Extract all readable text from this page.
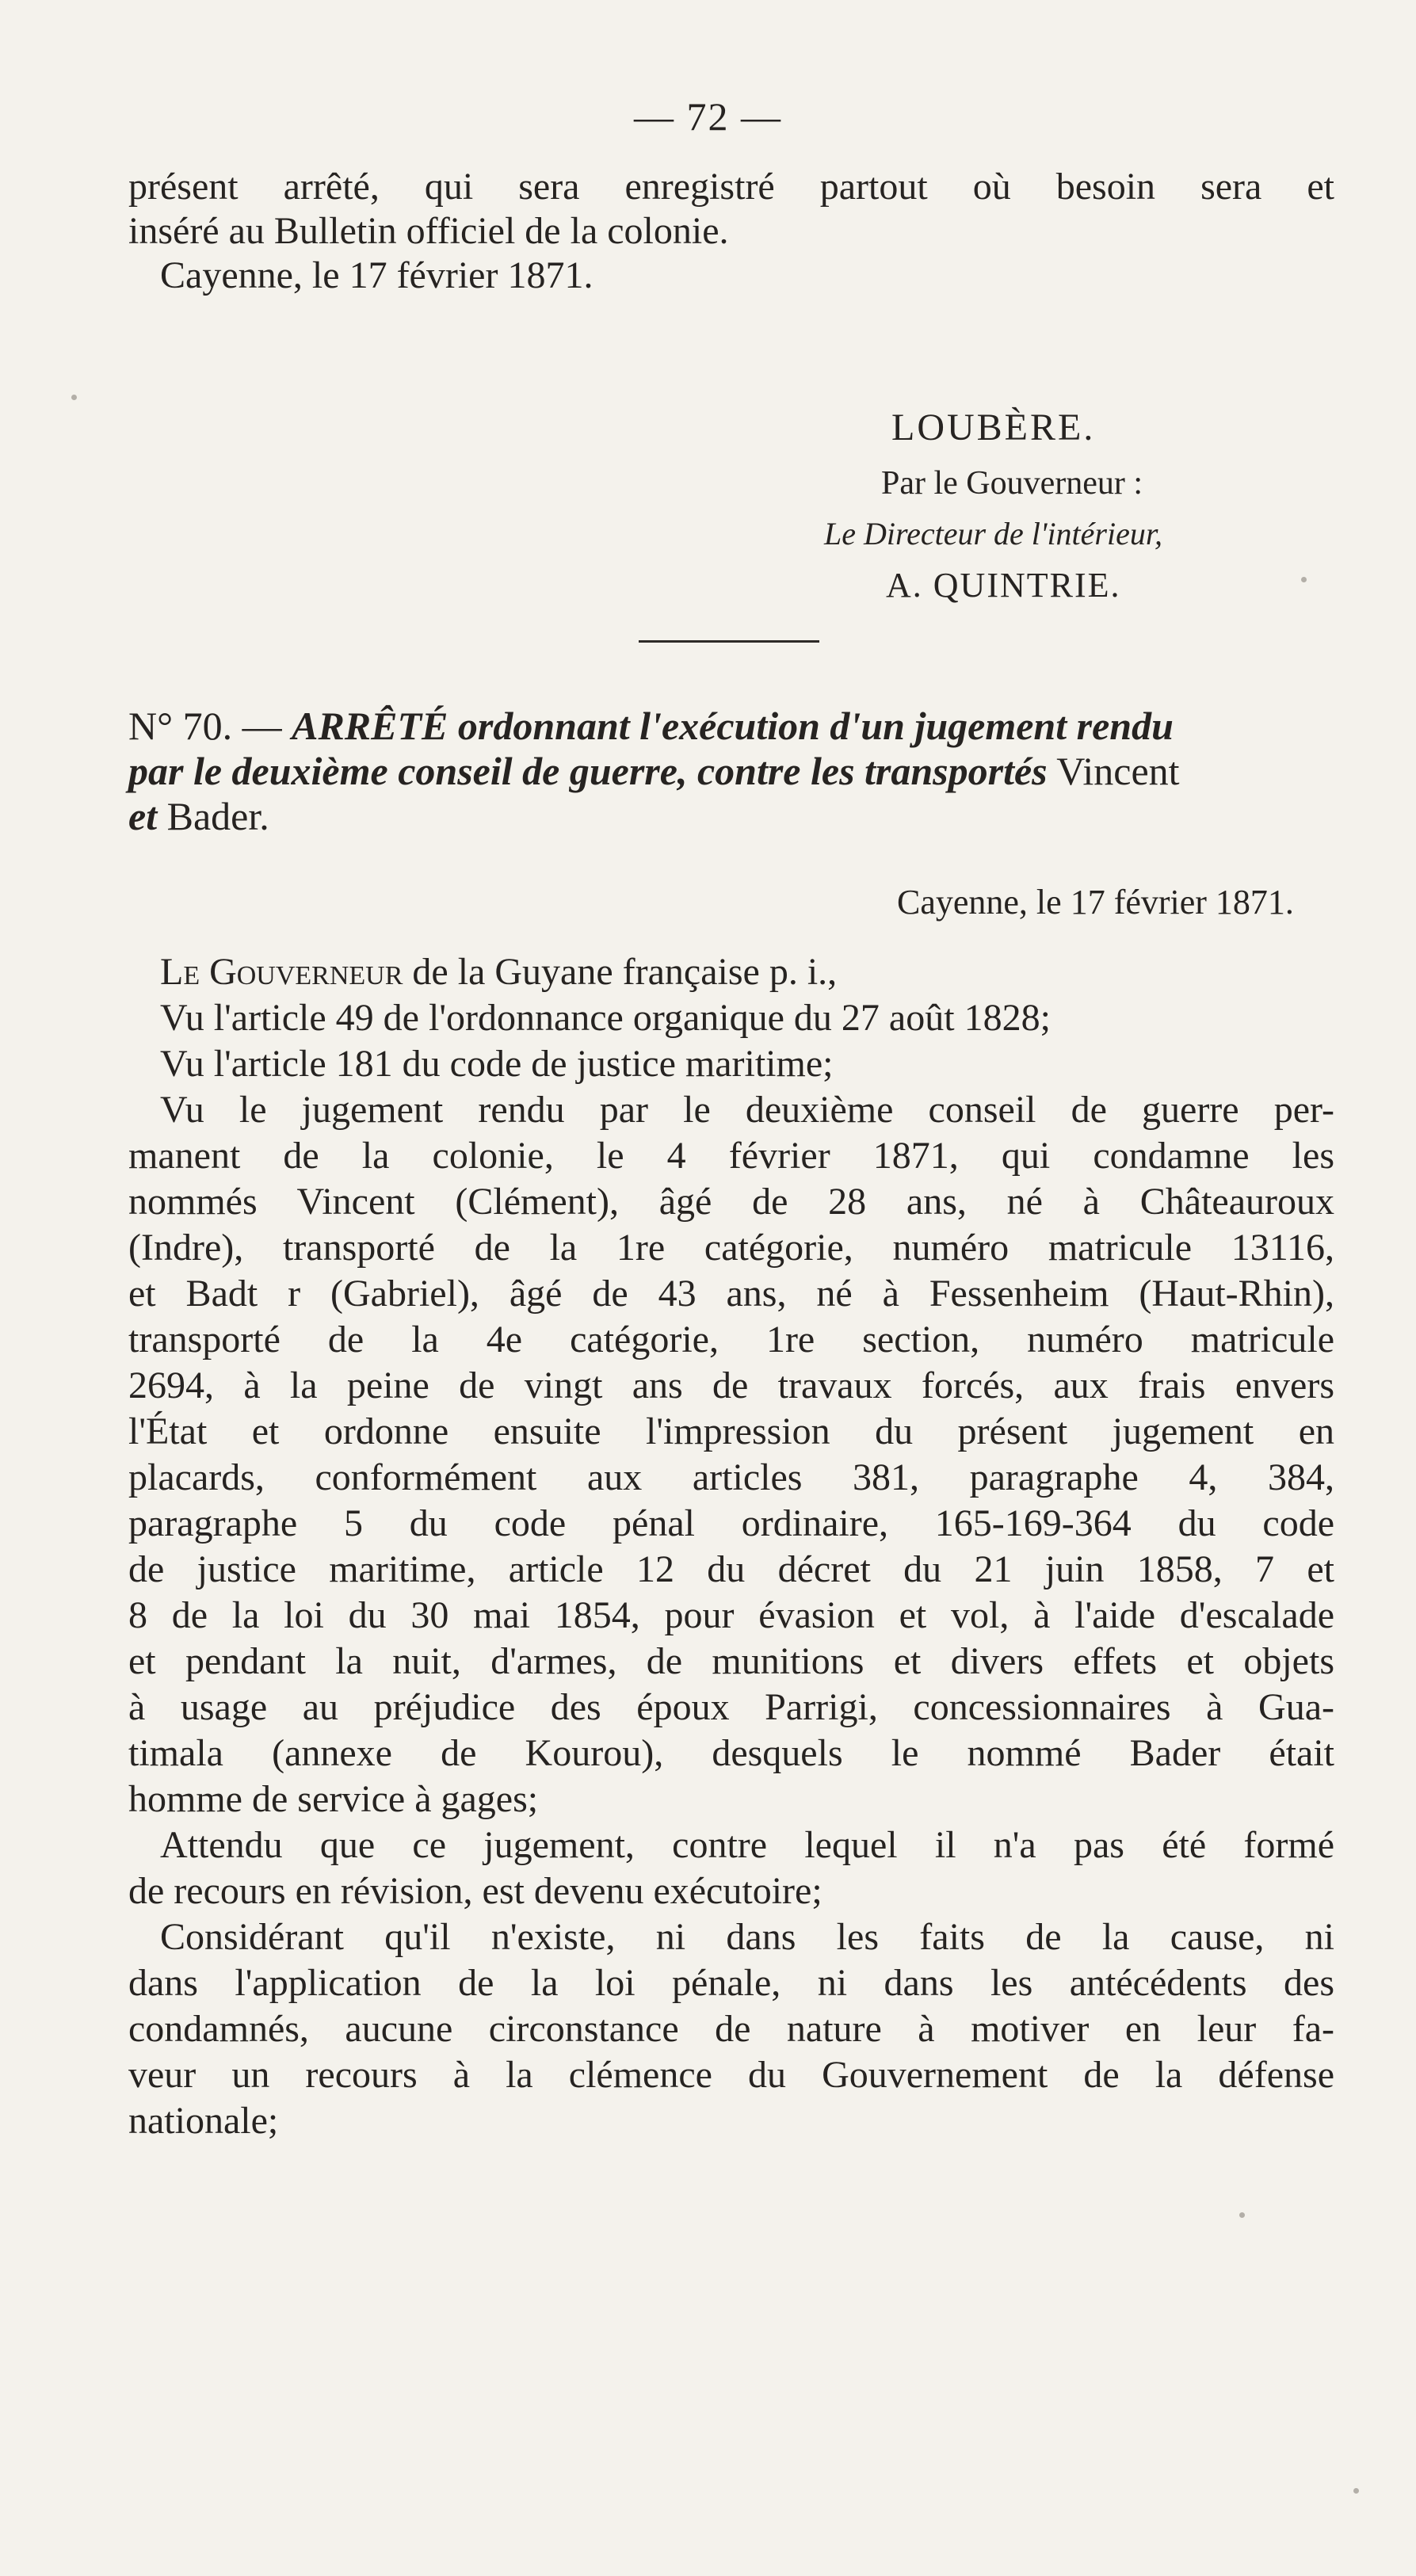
— 72 —
présent arrêté, qui sera enregistré partout où besoin sera et
inséré au Bulletin officiel de la colonie.
Cayenne, le 17 février 1871.
LOUBÈRE.
Par le Gouverneur :
Le Directeur de l'intérieur,
A. QUINTRIE.
N° 70. — ARRÊTÉ ordonnant l'exécution d'un jugement rendu
par le deuxième conseil de guerre, contre les transportés Vincent
et Bader.
Cayenne, le 17 février 1871.
Le Gouverneur de la Guyane française p. i.,
Vu l'article 49 de l'ordonnance organique du 27 août 1828;
Vu l'article 181 du code de justice maritime;
Vu le jugement rendu par le deuxième conseil de guerre per-
manent de la colonie, le 4 février 1871, qui condamne les
nommés Vincent (Clément), âgé de 28 ans, né à Châteauroux
(Indre), transporté de la 1re catégorie, numéro matricule 13116,
et Badt r (Gabriel), âgé de 43 ans, né à Fessenheim (Haut-Rhin),
transporté de la 4e catégorie, 1re section, numéro matricule
2694, à la peine de vingt ans de travaux forcés, aux frais envers
l'État et ordonne ensuite l'impression du présent jugement en
placards, conformément aux articles 381, paragraphe 4, 384,
paragraphe 5 du code pénal ordinaire, 165-169-364 du code
de justice maritime, article 12 du décret du 21 juin 1858, 7 et
8 de la loi du 30 mai 1854, pour évasion et vol, à l'aide d'escalade
et pendant la nuit, d'armes, de munitions et divers effets et objets
à usage au préjudice des époux Parrigi, concessionnaires à Gua-
timala (annexe de Kourou), desquels le nommé Bader était
homme de service à gages;
Attendu que ce jugement, contre lequel il n'a pas été formé
de recours en révision, est devenu exécutoire;
Considérant qu'il n'existe, ni dans les faits de la cause, ni
dans l'application de la loi pénale, ni dans les antécédents des
condamnés, aucune circonstance de nature à motiver en leur fa-
veur un recours à la clémence du Gouvernement de la défense
nationale;
